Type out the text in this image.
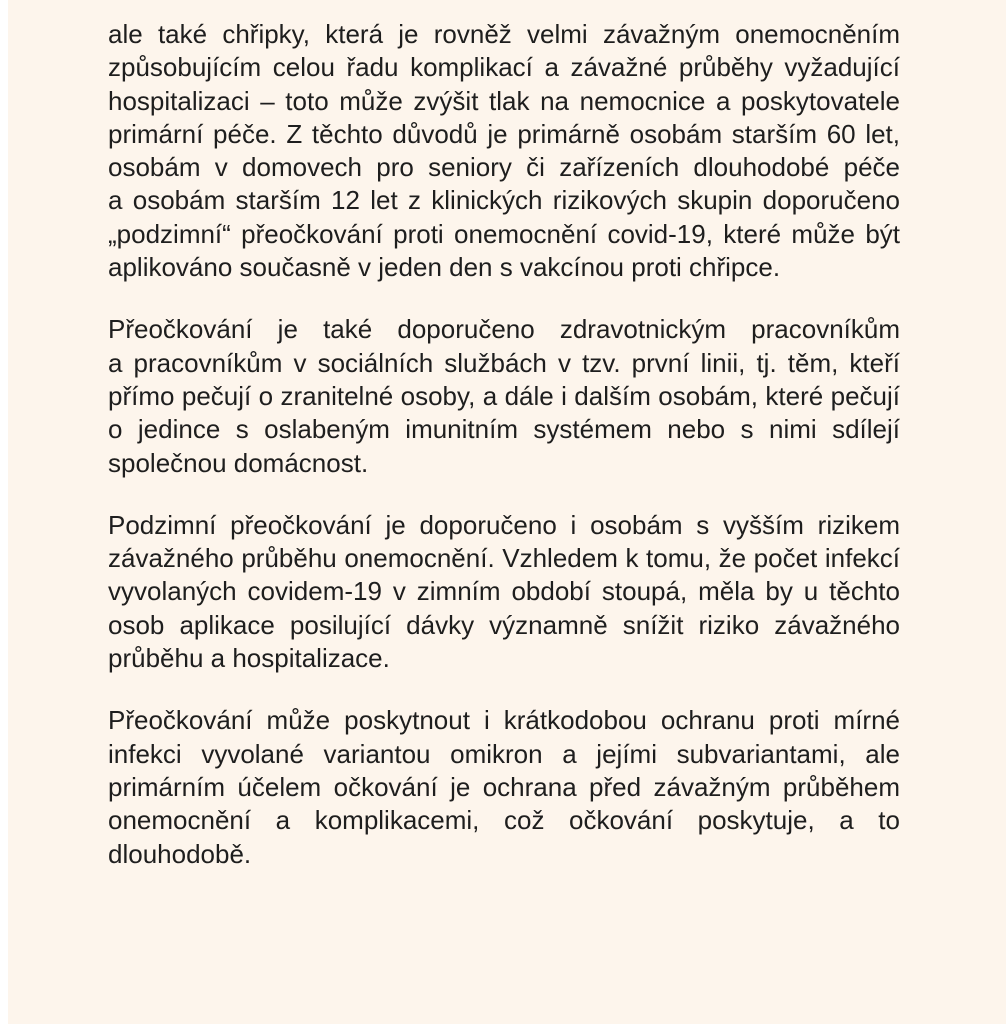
ale také chřipky, která je rovněž velmi závažným onemocněním
způsobujícím celou řadu komplikací a závažné průběhy vyžadující
hospitalizaci – toto může zvýšit tlak na nemocnice a poskytovatele
primární péče. Z těchto důvodů je primárně osobám starším 60 let,
osobám v domovech pro seniory či zařízeních dlouhodobé péče
a osobám starším 12 let z klinických rizikových skupin doporučeno
„podzimní“ přeočkování proti onemocnění covid-19, které může být
aplikováno současně v jeden den s vakcínou proti chřipce.

Přeočkování je také doporučeno zdravotnickým pracovníkům
a pracovníkům v sociálních službách v tzv. první linii, tj. těm, kteří
přímo pečují o zranitelné osoby, a dále i dalším osobám, které pečují
o jedince s oslabeným imunitním systémem nebo s nimi sdílejí
společnou domácnost.

Podzimní přeočkování je doporučeno i osobám s vyšším rizikem
závažného průběhu onemocnění. Vzhledem k tomu, že počet infekcí
vyvolaných covidem-19 v zimním období stoupá, měla by u těchto
osob aplikace posilující dávky významně snížit riziko závažného
průběhu a hospitalizace.

Přeočkování může poskytnout i krátkodobou ochranu proti mírné
infekci vyvolané variantou omikron a jejími subvariantami, ale
primárním účelem očkování je ochrana před závažným průběhem
onemocnění a komplikacemi, což očkování poskytuje, a to
dlouhodobě.
